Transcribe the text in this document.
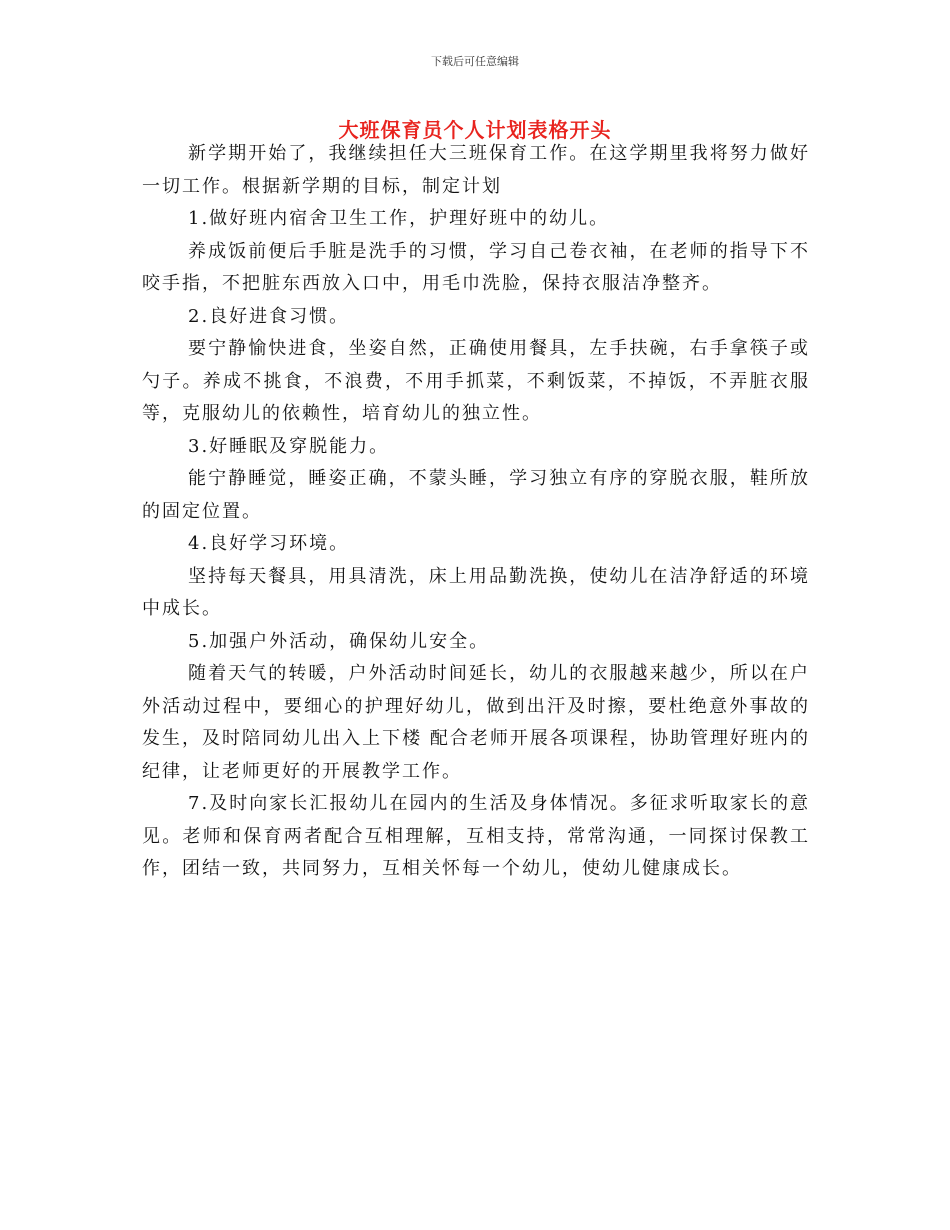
下载后可任意编辑
大班保育员个人计划表格开头

新学期开始了，我继续担任大三班保育工作。在这学期里我将努力做好一切工作。根据新学期的目标，制定计划

1.做好班内宿舍卫生工作，护理好班中的幼儿。

养成饭前便后手脏是洗手的习惯，学习自己卷衣袖，在老师的指导下不咬手指，不把脏东西放入口中，用毛巾洗脸，保持衣服洁净整齐。

2.良好进食习惯。

要宁静愉快进食，坐姿自然，正确使用餐具，左手扶碗，右手拿筷子或勺子。养成不挑食，不浪费，不用手抓菜，不剩饭菜，不掉饭，不弄脏衣服等，克服幼儿的依赖性，培育幼儿的独立性。

3.好睡眠及穿脱能力。

能宁静睡觉，睡姿正确，不蒙头睡，学习独立有序的穿脱衣服，鞋所放的固定位置。

4.良好学习环境。

坚持每天餐具，用具清洗，床上用品勤洗换，使幼儿在洁净舒适的环境中成长。

5.加强户外活动，确保幼儿安全。

随着天气的转暖，户外活动时间延长，幼儿的衣服越来越少，所以在户外活动过程中，要细心的护理好幼儿，做到出汗及时擦，要杜绝意外事故的发生，及时陪同幼儿出入上下楼 配合老师开展各项课程，协助管理好班内的纪律，让老师更好的开展教学工作。

7.及时向家长汇报幼儿在园内的生活及身体情况。多征求听取家长的意见。老师和保育两者配合互相理解，互相支持，常常沟通，一同探讨保教工作，团结一致，共同努力，互相关怀每一个幼儿，使幼儿健康成长。
